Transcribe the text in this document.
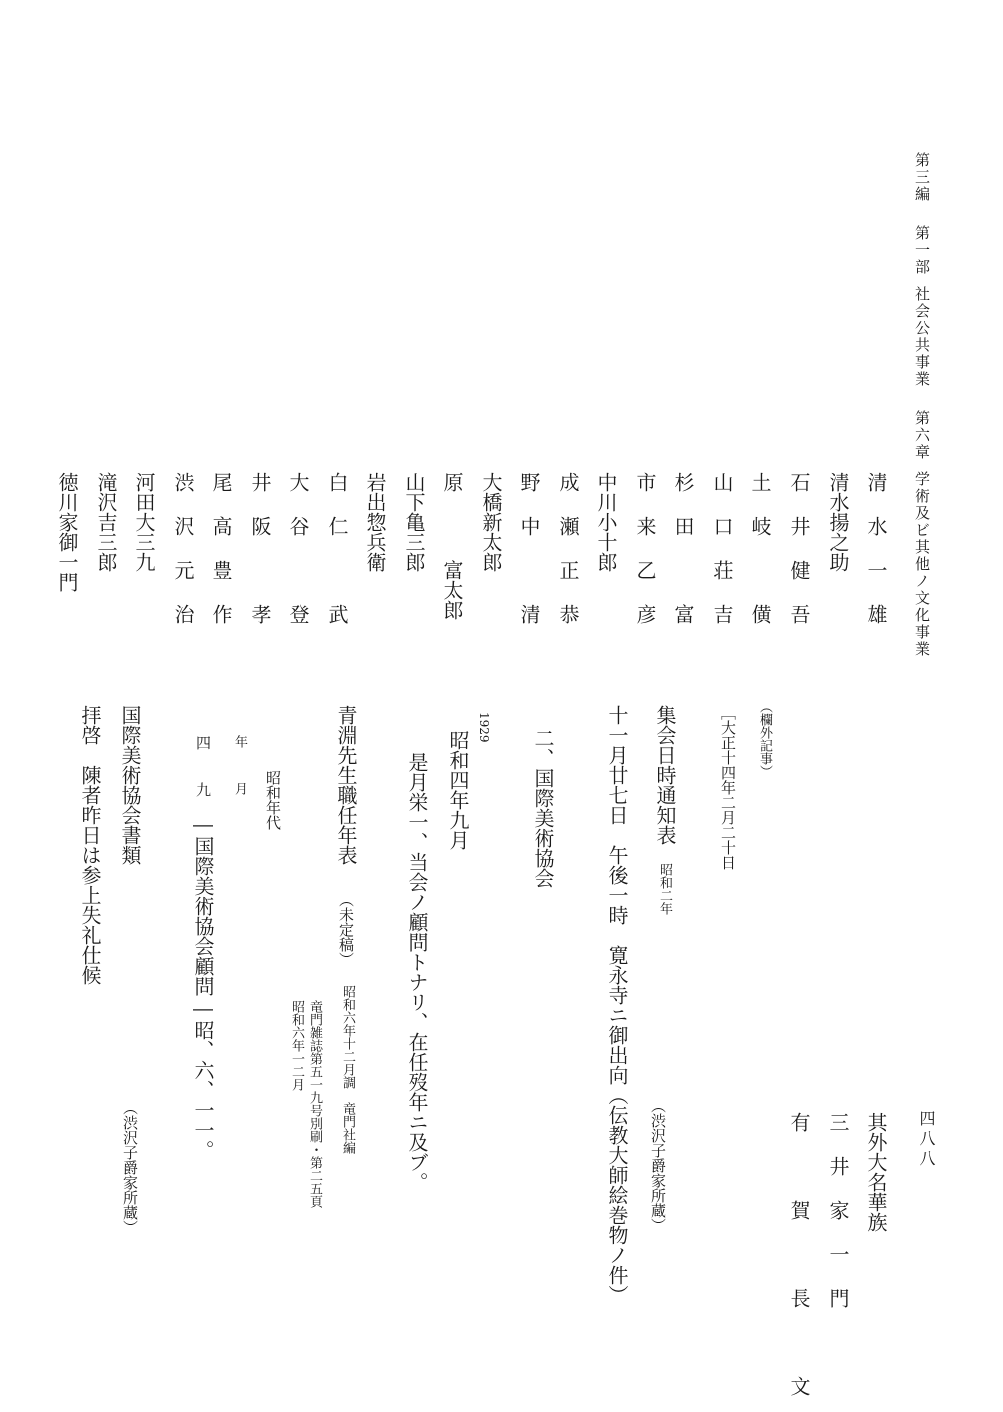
第三編第一部社会公共事業第六章学術及ビ其他ノ文化事業
四八八
清 水 一 雄
清水揚之助
石 井 健 吾
土 岐 　 僙
山 口 荘 吉
杉 田 　 富
市 来 乙 彦
中川小十郎
成 瀬 正 恭
野 中 　 清
大橋新太郎
原 　 富太郎
山下亀三郎
岩出惣兵衛
白 仁 　 武
大 谷 　 登
井 阪 　 孝
尾 高 豊 作
渋 沢 元 治
河田大三九
滝沢吉三郎
徳川家御一門
其外大名華族
三 井 家 一 門
有 　 賀 　 長 　 文
（欄外記事）
［大正十四年二月二十日
集会日時通知表
昭和二年
（渋沢子爵家所蔵）
十一月廿七日　午後一時　寛永寺ニ御出向（伝教大師絵巻物ノ件）
二、国際美術協会
1929
昭和四年九月
是月栄一、当会ノ顧問トナリ、在任歿年ニ及ブ。
青淵先生職任年表
（未定稿）
昭和六年十二月調　竜門社編
竜門雑誌第五一九号別刷・第二五頁
昭和六年一二月
昭和年代
年
月
四
九
―国際美術協会顧問―昭、六、一一。
国際美術協会書類
（渋沢子爵家所蔵）
拝啓　陳者昨日は参上失礼仕候
